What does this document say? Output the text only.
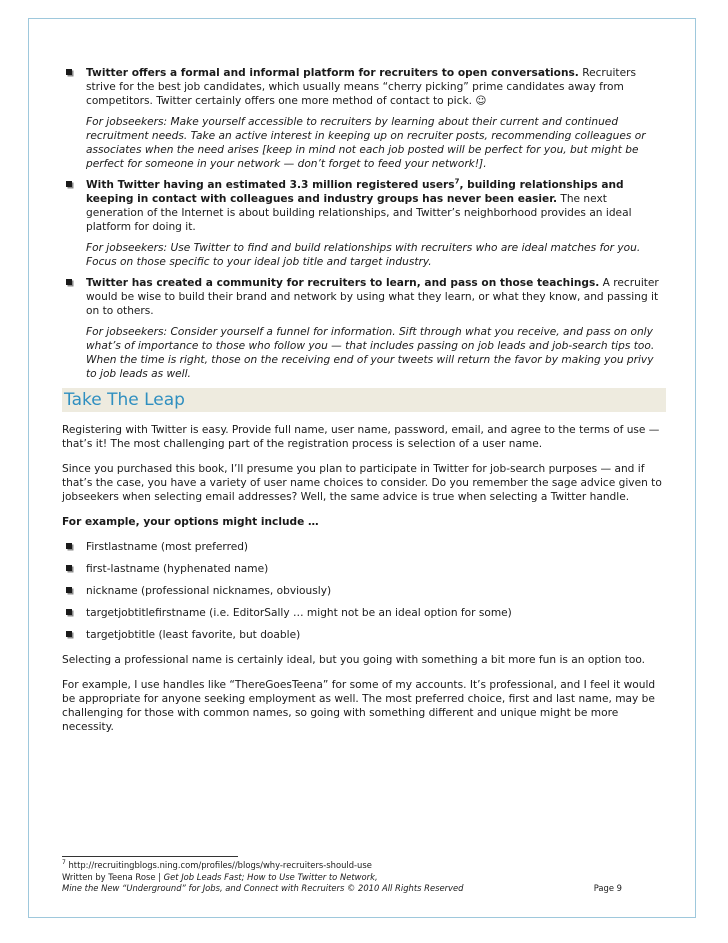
Twitter offers a formal and informal platform for recruiters to open conversations. Recruiters strive for the best job candidates, which usually means “cherry picking” prime candidates away from competitors. Twitter certainly offers one more method of contact to pick. ☺
For jobseekers: Make yourself accessible to recruiters by learning about their current and continued recruitment needs. Take an active interest in keeping up on recruiter posts, recommending colleagues or associates when the need arises [keep in mind not each job posted will be perfect for you, but might be perfect for someone in your network — don’t forget to feed your network!].
With Twitter having an estimated 3.3 million registered users$^7$, building relationships and keeping in contact with colleagues and industry groups has never been easier. The next generation of the Internet is about building relationships, and Twitter’s neighborhood provides an ideal platform for doing it.
For jobseekers: Use Twitter to find and build relationships with recruiters who are ideal matches for you. Focus on those specific to your ideal job title and target industry.
Twitter has created a community for recruiters to learn, and pass on those teachings. A recruiter would be wise to build their brand and network by using what they learn, or what they know, and passing it on to others.
For jobseekers: Consider yourself a funnel for information. Sift through what you receive, and pass on only what’s of importance to those who follow you — that includes passing on job leads and job-search tips too. When the time is right, those on the receiving end of your tweets will return the favor by making you privy to job leads as well.
Take The Leap

Registering with Twitter is easy. Provide full name, user name, password, email, and agree to the terms of use — that’s it! The most challenging part of the registration process is selection of a user name.

Since you purchased this book, I’ll presume you plan to participate in Twitter for job-search purposes — and if that’s the case, you have a variety of user name choices to consider. Do you remember the sage advice given to jobseekers when selecting email addresses? Well, the same advice is true when selecting a Twitter handle.

For example, your options might include …

Firstlastname (most preferred)
first-lastname (hyphenated name)
nickname (professional nicknames, obviously)
targetjobtitlefirstname (i.e. EditorSally … might not be an ideal option for some)
targetjobtitle (least favorite, but doable)

Selecting a professional name is certainly ideal, but you going with something a bit more fun is an option too.

For example, I use handles like “ThereGoesTeena” for some of my accounts. It’s professional, and I feel it would be appropriate for anyone seeking employment as well. The most preferred choice, first and last name, may be challenging for those with common names, so going with something different and unique might be more necessity.

$^7$ http://recruitingblogs.ning.com/profiles//blogs/why-recruiters-should-use
Written by Teena Rose | Get Job Leads Fast; How to Use Twitter to Network,
Mine the New “Underground” for Jobs, and Connect with Recruiters © 2010 All Rights Reserved	Page 9
